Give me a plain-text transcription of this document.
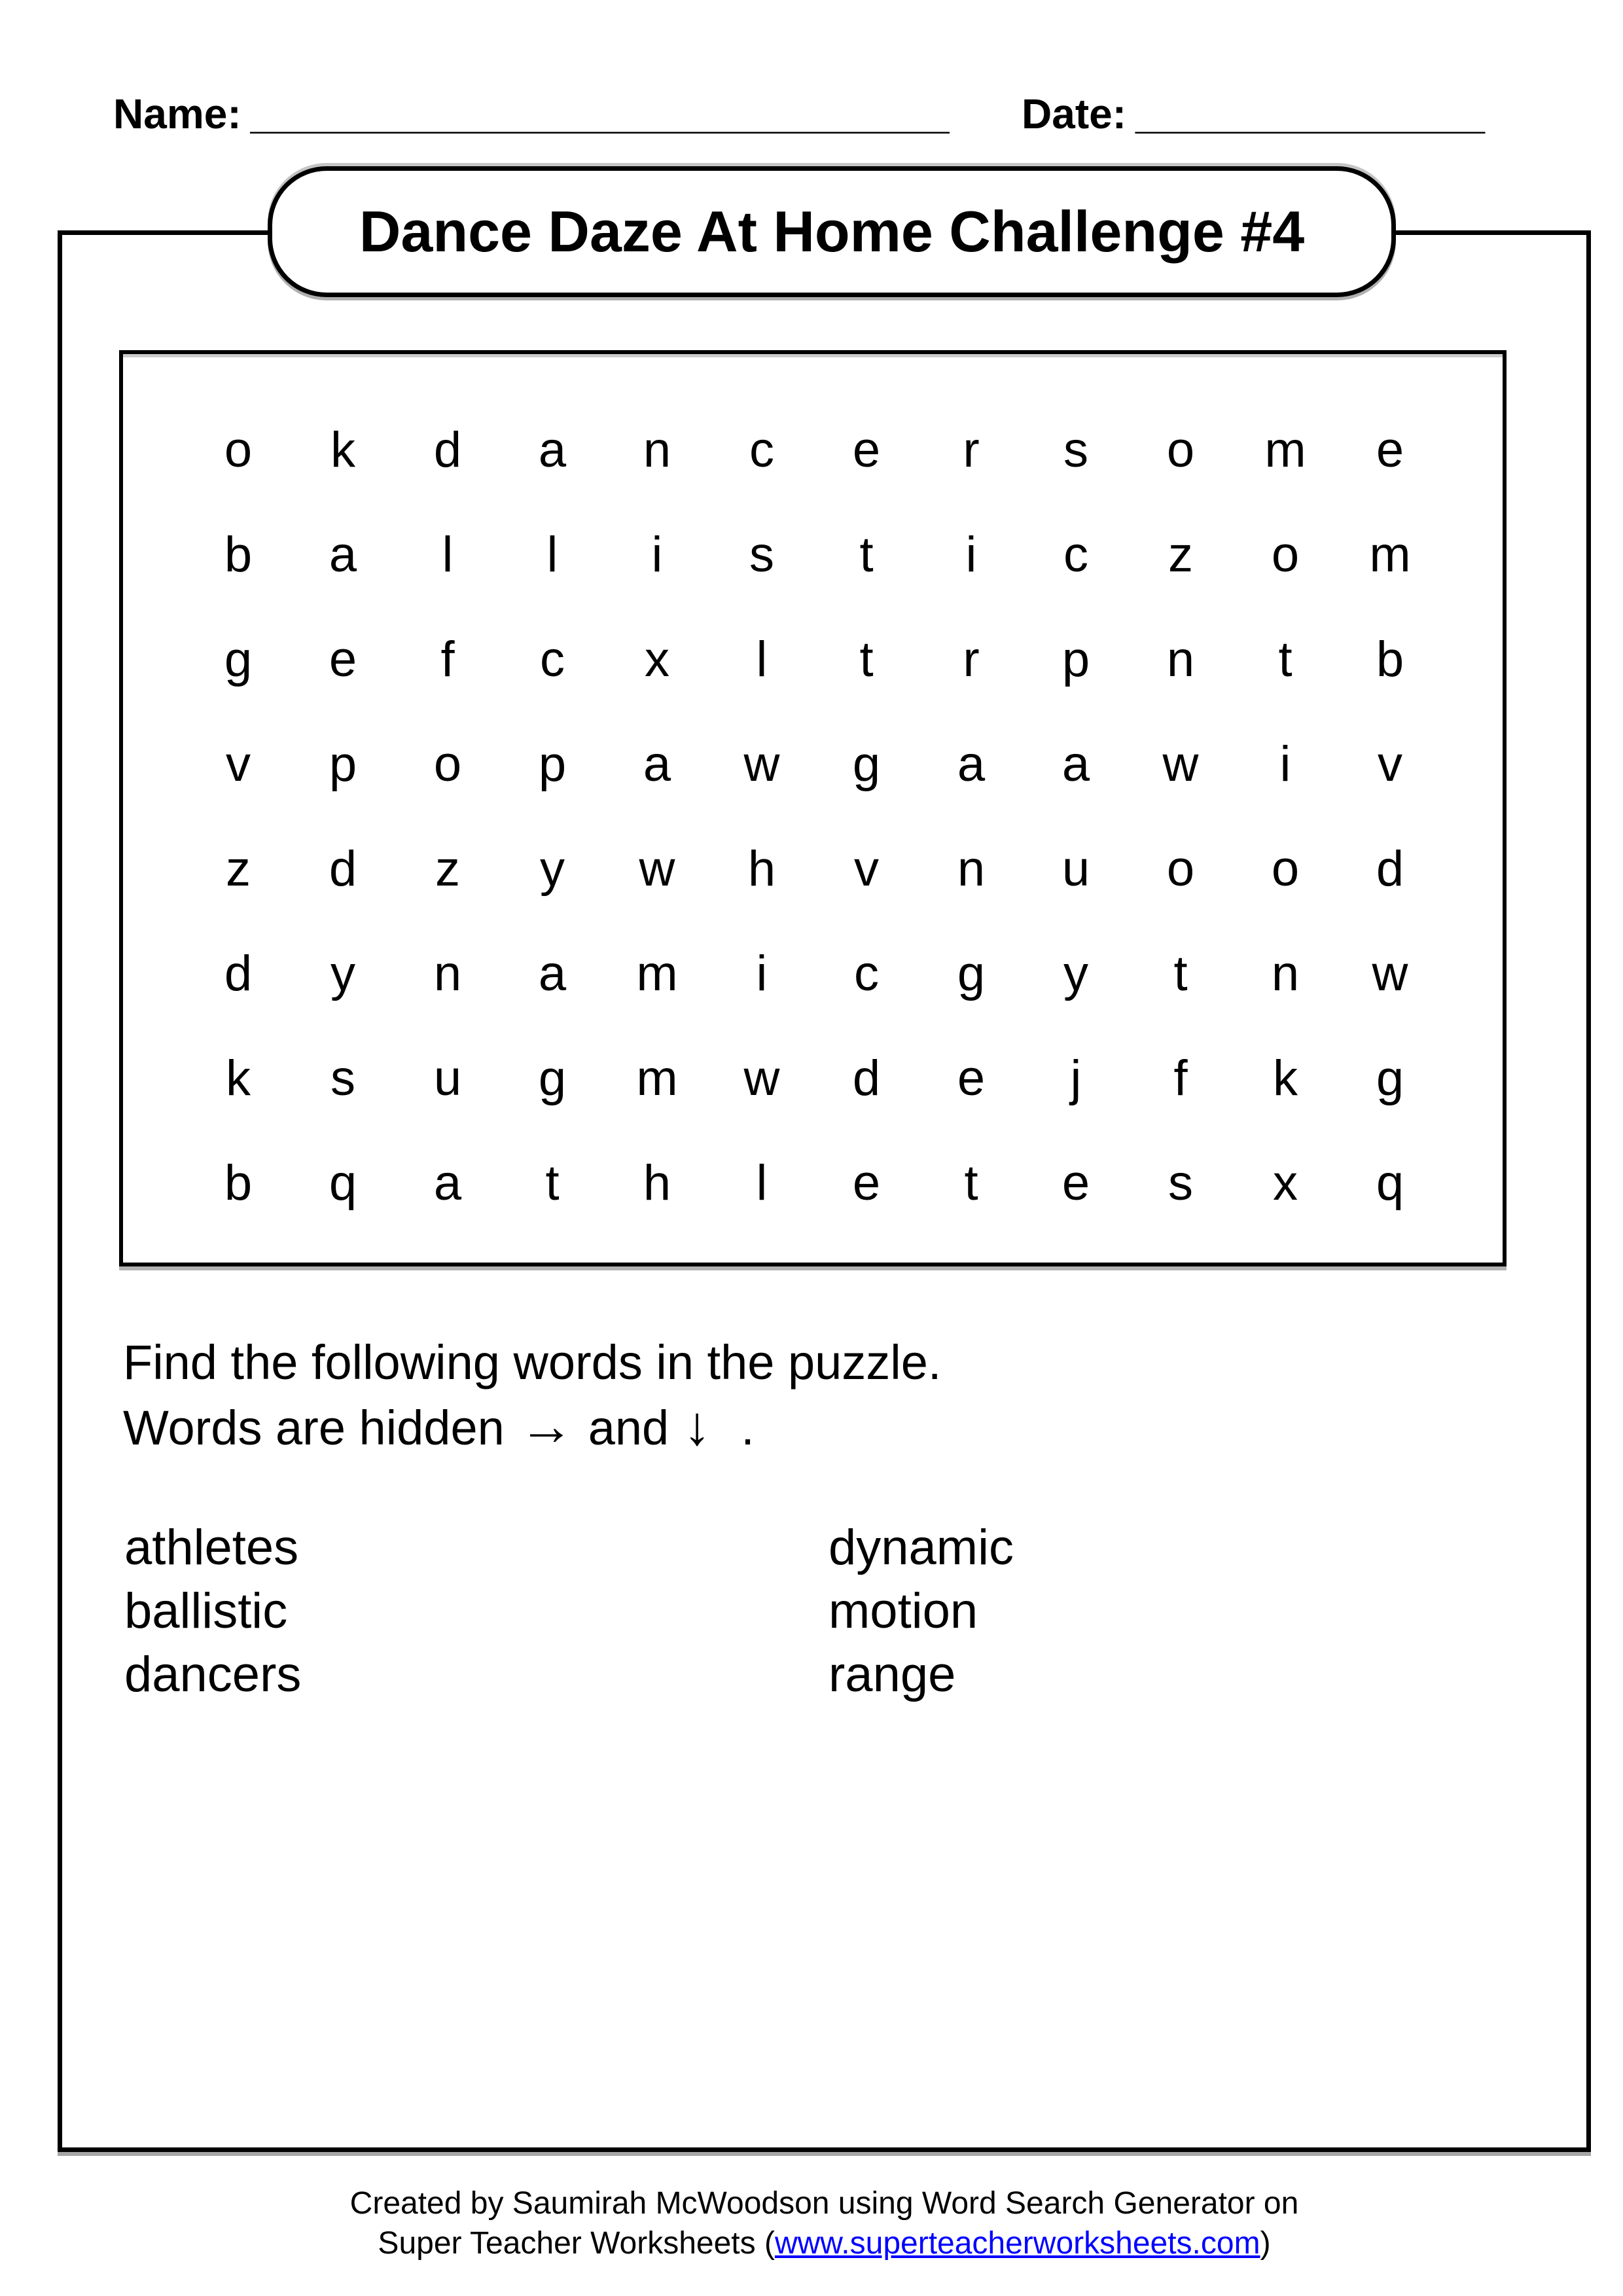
Name: ______________________________ Date: _______________
Dance Daze At Home Challenge #4
o	k	d	a	n	c	e	r	s	o	m	e
b	a	l	l	i	s	t	i	c	z	o	m
g	e	f	c	x	l	t	r	p	n	t	b
v	p	o	p	a	w	g	a	a	w	i	v
z	d	z	y	w	h	v	n	u	o	o	d
d	y	n	a	m	i	c	g	y	t	n	w
k	s	u	g	m	w	d	e	j	f	k	g
b	q	a	t	h	l	e	t	e	s	x	q
Find the following words in the puzzle.
Words are hidden → and ↓ .
athletes
ballistic
dancers
dynamic
motion
range
Created by Saumirah McWoodson using Word Search Generator on
Super Teacher Worksheets (www.superteacherworksheets.com)
